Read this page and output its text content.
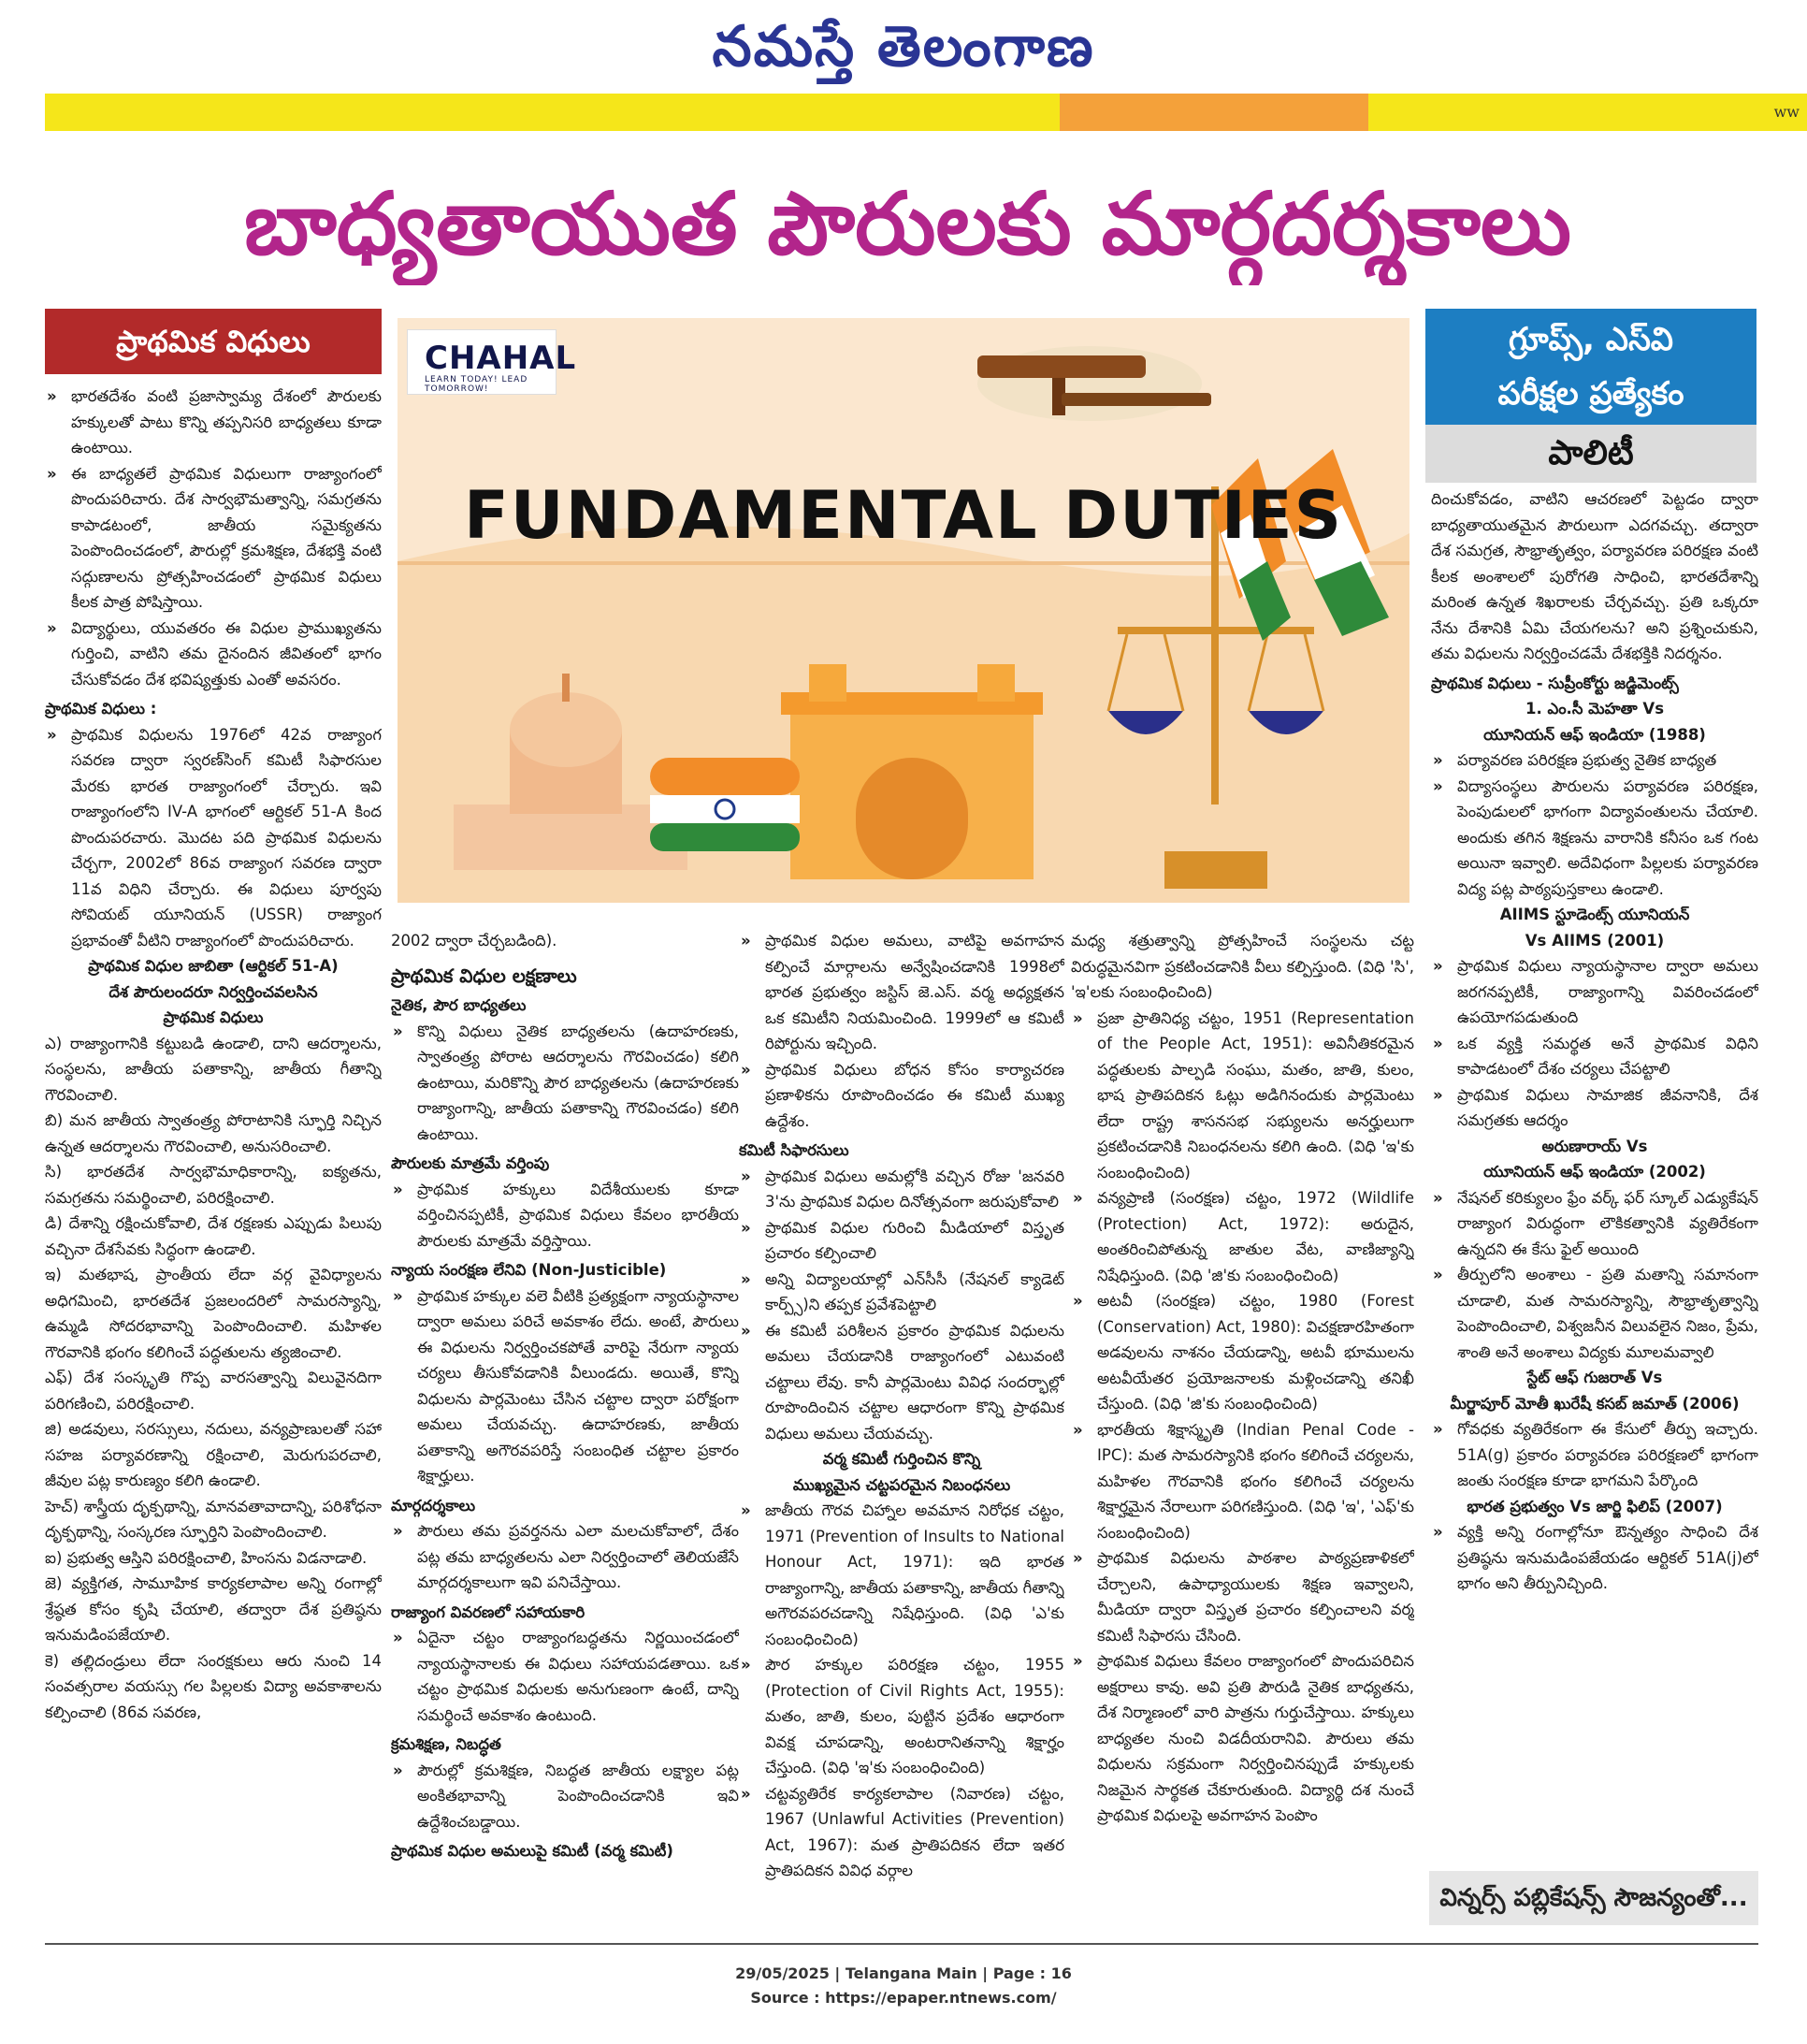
నమస్తే తెలంగాణ
ww
బాధ్యతాయుత పౌరులకు మార్గదర్శకాలు
ప్రాథమిక విధులు	గ్రూప్స్, ఎస్‌వి
పరీక్షల ప్రత్యేకం
పాలిటీ
CHAHAL
LEARN TODAY! LEAD TOMORROW!
FUNDAMENTAL DUTIES

» భారతదేశం వంటి ప్రజాస్వామ్య దేశంలో పౌరులకు హక్కులతో పాటు కొన్ని తప్పనిసరి బాధ్యతలు కూడా ఉంటాయి.

» ఈ బాధ్యతలే ప్రాథమిక విధులుగా రాజ్యాంగంలో పొందుపరిచారు. దేశ సార్వభౌమత్వాన్ని, సమగ్రతను కాపాడటంలో, జాతీయ సమైక్యతను పెంపొందించడంలో, పౌరుల్లో క్రమశిక్షణ, దేశభక్తి వంటి సద్గుణాలను ప్రోత్సహించడంలో ప్రాథమిక విధులు కీలక పాత్ర పోషిస్తాయి.

» విద్యార్థులు, యువతరం ఈ విధుల ప్రాముఖ్యతను గుర్తించి, వాటిని తమ దైనందిన జీవితంలో భాగం చేసుకోవడం దేశ భవిష్యత్తుకు ఎంతో అవసరం.

ప్రాథమిక విధులు :

» ప్రాథమిక విధులను 1976లో 42వ రాజ్యాంగ సవరణ ద్వారా స్వరణ్‌సింగ్ కమిటీ సిఫారసుల మేరకు భారత రాజ్యాంగంలో చేర్చారు. ఇవి రాజ్యాంగంలోని IV-A భాగంలో ఆర్టికల్ 51-A కింద పొందుపరచారు. మొదట పది ప్రాథమిక విధులను చేర్చగా, 2002లో 86వ రాజ్యాంగ సవరణ ద్వారా 11వ విధిని చేర్చారు. ఈ విధులు పూర్వపు సోవియట్ యూనియన్ (USSR) రాజ్యాంగ ప్రభావంతో వీటిని రాజ్యాంగంలో పొందుపరిచారు.

ప్రాథమిక విధుల జాబితా (ఆర్టికల్ 51-A)

దేశ పౌరులందరూ నిర్వర్తించవలసిన

ప్రాథమిక విధులు

ఎ) రాజ్యాంగానికి కట్టుబడి ఉండాలి, దాని ఆదర్శాలను, సంస్థలను, జాతీయ పతాకాన్ని, జాతీయ గీతాన్ని గౌరవించాలి.

బి) మన జాతీయ స్వాతంత్ర్య పోరాటానికి స్ఫూర్తి నిచ్చిన ఉన్నత ఆదర్శాలను గౌరవించాలి, అనుసరించాలి.

సి) భారతదేశ సార్వభౌమాధికారాన్ని, ఐక్యతను, సమగ్రతను సమర్థించాలి, పరిరక్షించాలి.

డి) దేశాన్ని రక్షించుకోవాలి, దేశ రక్షణకు ఎప్పుడు పిలుపు వచ్చినా దేశసేవకు సిద్ధంగా ఉండాలి.

ఇ) మతభాష, ప్రాంతీయ లేదా వర్గ వైవిధ్యాలను అధిగమించి, భారతదేశ ప్రజలందరిలో సామరస్యాన్ని, ఉమ్మడి సోదరభావాన్ని పెంపొందించాలి. మహిళల గౌరవానికి భంగం కలిగించే పద్ధతులను త్యజించాలి.

ఎఫ్) దేశ సంస్కృతి గొప్ప వారసత్వాన్ని విలువైనదిగా పరిగణించి, పరిరక్షించాలి.

జి) అడవులు, సరస్సులు, నదులు, వన్యప్రాణులతో సహా సహజ పర్యావరణాన్ని రక్షించాలి, మెరుగుపరచాలి, జీవుల పట్ల కారుణ్యం కలిగి ఉండాలి.

హెచ్) శాస్త్రీయ దృక్పథాన్ని, మానవతావాదాన్ని, పరిశోధనా దృక్పథాన్ని, సంస్కరణ స్ఫూర్తిని పెంపొందించాలి.

ఐ) ప్రభుత్వ ఆస్తిని పరిరక్షించాలి, హింసను విడనాడాలి.

జె) వ్యక్తిగత, సామూహిక కార్యకలాపాల అన్ని రంగాల్లో శ్రేష్ఠత కోసం కృషి చేయాలి, తద్వారా దేశ ప్రతిష్ఠను ఇనుమడింపజేయాలి.

కె) తల్లిదండ్రులు లేదా సంరక్షకులు ఆరు నుంచి 14 సంవత్సరాల వయస్సు గల పిల్లలకు విద్యా అవకాశాలను కల్పించాలి (86వ సవరణ,

2002 ద్వారా చేర్చబడింది).

ప్రాథమిక విధుల లక్షణాలు

నైతిక, పౌర బాధ్యతలు

» కొన్ని విధులు నైతిక బాధ్యతలను (ఉదాహరణకు, స్వాతంత్ర్య పోరాట ఆదర్శాలను గౌరవించడం) కలిగి ఉంటాయి, మరికొన్ని పౌర బాధ్యతలను (ఉదాహరణకు రాజ్యాంగాన్ని, జాతీయ పతాకాన్ని గౌరవించడం) కలిగి ఉంటాయి.

పౌరులకు మాత్రమే వర్తింపు

» ప్రాథమిక హక్కులు విదేశీయులకు కూడా వర్తించినప్పటికీ, ప్రాథమిక విధులు కేవలం భారతీయ పౌరులకు మాత్రమే వర్తిస్తాయి.

న్యాయ సంరక్షణ లేనివి (Non-Justicible)

» ప్రాథమిక హక్కుల వలె వీటికి ప్రత్యక్షంగా న్యాయస్థానాల ద్వారా అమలు పరిచే అవకాశం లేదు. అంటే, పౌరులు ఈ విధులను నిర్వర్తించకపోతే వారిపై నేరుగా న్యాయ చర్యలు తీసుకోవడానికి వీలుండదు. అయితే, కొన్ని విధులను పార్లమెంటు చేసిన చట్టాల ద్వారా పరోక్షంగా అమలు చేయవచ్చు. ఉదాహరణకు, జాతీయ పతాకాన్ని అగౌరవపరిస్తే సంబంధిత చట్టాల ప్రకారం శిక్షార్హులు.

మార్గదర్శకాలు

» పౌరులు తమ ప్రవర్తనను ఎలా మలచుకోవాలో, దేశం పట్ల తమ బాధ్యతలను ఎలా నిర్వర్తించాలో తెలియజేసే మార్గదర్శకాలుగా ఇవి పనిచేస్తాయి.

రాజ్యాంగ వివరణలో సహాయకారి

» ఏదైనా చట్టం రాజ్యాంగబద్ధతను నిర్ణయించడంలో న్యాయస్థానాలకు ఈ విధులు సహాయపడతాయి. ఒక చట్టం ప్రాథమిక విధులకు అనుగుణంగా ఉంటే, దాన్ని సమర్థించే అవకాశం ఉంటుంది.

క్రమశిక్షణ, నిబద్ధత

» పౌరుల్లో క్రమశిక్షణ, నిబద్ధత జాతీయ లక్ష్యాల పట్ల అంకితభావాన్ని పెంపొందించడానికి ఇవి ఉద్దేశించబడ్డాయి.

ప్రాథమిక విధుల అమలుపై కమిటీ (వర్మ కమిటీ)

» ప్రాథమిక విధుల అమలు, వాటిపై అవగాహన కల్పించే మార్గాలను అన్వేషించడానికి 1998లో భారత ప్రభుత్వం జస్టిస్ జె.ఎస్. వర్మ అధ్యక్షతన ఒక కమిటీని నియమించింది. 1999లో ఆ కమిటీ రిపోర్టును ఇచ్చింది.

» ప్రాథమిక విధులు బోధన కోసం కార్యాచరణ ప్రణాళికను రూపొందించడం ఈ కమిటీ ముఖ్య ఉద్దేశం.

కమిటీ సిఫారసులు

» ప్రాథమిక విధులు అమల్లోకి వచ్చిన రోజు 'జనవరి 3'ను ప్రాథమిక విధుల దినోత్సవంగా జరుపుకోవాలి

» ప్రాథమిక విధుల గురించి మీడియాలో విస్తృత ప్రచారం కల్పించాలి

» అన్ని విద్యాలయాల్లో ఎన్‌సీసీ (నేషనల్ క్యాడెట్ కార్ప్స్)ని తప్పక ప్రవేశపెట్టాలి

» ఈ కమిటీ పరిశీలన ప్రకారం ప్రాథమిక విధులను అమలు చేయడానికి రాజ్యాంగంలో ఎటువంటి చట్టాలు లేవు. కానీ పార్లమెంటు వివిధ సందర్భాల్లో రూపొందించిన చట్టాల ఆధారంగా కొన్ని ప్రాథమిక విధులు అమలు చేయవచ్చు.

వర్మ కమిటీ గుర్తించిన కొన్ని

ముఖ్యమైన చట్టపరమైన నిబంధనలు

» జాతీయ గౌరవ చిహ్నాల అవమాన నిరోధక చట్టం, 1971 (Prevention of Insults to National Honour Act, 1971): ఇది భారత రాజ్యాంగాన్ని, జాతీయ పతాకాన్ని, జాతీయ గీతాన్ని అగౌరవపరచడాన్ని నిషేధిస్తుంది. (విధి 'ఎ'కు సంబంధించింది)

» పౌర హక్కుల పరిరక్షణ చట్టం, 1955 (Protection of Civil Rights Act, 1955): మతం, జాతి, కులం, పుట్టిన ప్రదేశం ఆధారంగా వివక్ష చూపడాన్ని, అంటరానితనాన్ని శిక్షార్హం చేస్తుంది. (విధి 'ఇ'కు సంబంధించింది)

» చట్టవ్యతిరేక కార్యకలాపాల (నివారణ) చట్టం, 1967 (Unlawful Activities (Prevention) Act, 1967): మత ప్రాతిపదికన లేదా ఇతర ప్రాతిపదికన వివిధ వర్గాల

మధ్య శత్రుత్వాన్ని ప్రోత్సహించే సంస్థలను చట్ట విరుద్ధమైనవిగా ప్రకటించడానికి వీలు కల్పిస్తుంది. (విధి 'సి', 'ఇ'లకు సంబంధించింది)

» ప్రజా ప్రాతినిధ్య చట్టం, 1951 (Representation of the People Act, 1951): అవినీతికరమైన పద్ధతులకు పాల్పడి సంఘు, మతం, జాతి, కులం, భాష ప్రాతిపదికన ఓట్లు అడిగినందుకు పార్లమెంటు లేదా రాష్ట్ర శాసనసభ సభ్యులను అనర్హులుగా ప్రకటించడానికి నిబంధనలను కలిగి ఉంది. (విధి 'ఇ'కు సంబంధించింది)

» వన్యప్రాణి (సంరక్షణ) చట్టం, 1972 (Wildlife (Protection) Act, 1972): అరుదైన, అంతరించిపోతున్న జాతుల వేట, వాణిజ్యాన్ని నిషేధిస్తుంది. (విధి 'జి'కు సంబంధించింది)

» అటవీ (సంరక్షణ) చట్టం, 1980 (Forest (Conservation) Act, 1980): విచక్షణారహితంగా అడవులను నాశనం చేయడాన్ని, అటవీ భూములను అటవీయేతర ప్రయోజనాలకు మళ్లించడాన్ని తనిఖీ చేస్తుంది. (విధి 'జి'కు సంబంధించింది)

» భారతీయ శిక్షాస్మృతి (Indian Penal Code - IPC): మత సామరస్యానికి భంగం కలిగించే చర్యలను, మహిళల గౌరవానికి భంగం కలిగించే చర్యలను శిక్షార్హమైన నేరాలుగా పరిగణిస్తుంది. (విధి 'ఇ', 'ఎఫ్'కు సంబంధించింది)

» ప్రాథమిక విధులను పాఠశాల పాఠ్యప్రణాళికలో చేర్చాలని, ఉపాధ్యాయులకు శిక్షణ ఇవ్వాలని, మీడియా ద్వారా విస్తృత ప్రచారం కల్పించాలని వర్మ కమిటీ సిఫారసు చేసింది.

» ప్రాథమిక విధులు కేవలం రాజ్యాంగంలో పొందుపరిచిన అక్షరాలు కావు. అవి ప్రతి పౌరుడి నైతిక బాధ్యతను, దేశ నిర్మాణంలో వారి పాత్రను గుర్తుచేస్తాయి. హక్కులు బాధ్యతల నుంచి విడదీయరానివి. పౌరులు తమ విధులను సక్రమంగా నిర్వర్తించినప్పుడే హక్కులకు నిజమైన సార్థకత చేకూరుతుంది. విద్యార్థి దశ నుంచే ప్రాథమిక విధులపై అవగాహన పెంపొం

దించుకోవడం, వాటిని ఆచరణలో పెట్టడం ద్వారా బాధ్యతాయుతమైన పౌరులుగా ఎదగవచ్చు. తద్వారా దేశ సమగ్రత, సౌభ్రాతృత్వం, పర్యావరణ పరిరక్షణ వంటి కీలక అంశాలలో పురోగతి సాధించి, భారతదేశాన్ని మరింత ఉన్నత శిఖరాలకు చేర్చవచ్చు. ప్రతి ఒక్కరూ నేను దేశానికి ఏమి చేయగలను? అని ప్రశ్నించుకుని, తమ విధులను నిర్వర్తించడమే దేశభక్తికి నిదర్శనం.

ప్రాథమిక విధులు - సుప్రీంకోర్టు జడ్జిమెంట్స్

1. ఎం.సీ మెహతా Vs

యూనియన్ ఆఫ్ ఇండియా (1988)

» పర్యావరణ పరిరక్షణ ప్రభుత్వ నైతిక బాధ్యత

» విద్యాసంస్థలు పౌరులను పర్యావరణ పరిరక్షణ, పెంపుడులలో భాగంగా విద్యావంతులను చేయాలి. అందుకు తగిన శిక్షణను వారానికి కనీసం ఒక గంట అయినా ఇవ్వాలి. అదేవిధంగా పిల్లలకు పర్యావరణ విద్య పట్ల పాఠ్యపుస్తకాలు ఉండాలి.

AIIMS స్టూడెంట్స్ యూనియన్

Vs AIIMS (2001)

» ప్రాథమిక విధులు న్యాయస్థానాల ద్వారా అమలు జరగనప్పటికీ, రాజ్యాంగాన్ని వివరించడంలో ఉపయోగపడుతుంది

» ఒక వ్యక్తి సమర్థత అనే ప్రాథమిక విధిని కాపాడటంలో దేశం చర్యలు చేపట్టాలి

» ప్రాథమిక విధులు సామాజిక జీవనానికి, దేశ సమగ్రతకు ఆదర్శం

అరుణారాయ్ Vs

యూనియన్ ఆఫ్ ఇండియా (2002)

» నేషనల్ కరిక్యులం ఫ్రేం వర్క్ ఫర్ స్కూల్ ఎడ్యుకేషన్ రాజ్యాంగ విరుద్ధంగా లౌకికత్వానికి వ్యతిరేకంగా ఉన్నదని ఈ కేసు ఫైల్ అయింది

» తీర్పులోని అంశాలు - ప్రతి మతాన్ని సమానంగా చూడాలి, మత సామరస్యాన్ని, సౌభ్రాతృత్వాన్ని పెంపొందించాలి, విశ్వజనీన విలువలైన నిజం, ప్రేమ, శాంతి అనే అంశాలు విద్యకు మూలమవ్వాలి

స్టేట్ ఆఫ్ గుజరాత్ Vs

మీర్జాపూర్ మోతీ ఖురేషీ కసబ్ జమాత్ (2006)

» గోవధకు వ్యతిరేకంగా ఈ కేసులో తీర్పు ఇచ్చారు. 51A(g) ప్రకారం పర్యావరణ పరిరక్షణలో భాగంగా జంతు సంరక్షణ కూడా భాగమని పేర్కొంది

భారత ప్రభుత్వం Vs జార్జి ఫిలిప్ (2007)

» వ్యక్తి అన్ని రంగాల్లోనూ ఔన్నత్యం సాధించి దేశ ప్రతిష్ఠను ఇనుమడింపజేయడం ఆర్టికల్ 51A(j)లో భాగం అని తీర్పునిచ్చింది.

విన్నర్స్ పబ్లికేషన్స్ సౌజన్యంతో...
29/05/2025 | Telangana Main | Page : 16
Source : https://epaper.ntnews.com/
